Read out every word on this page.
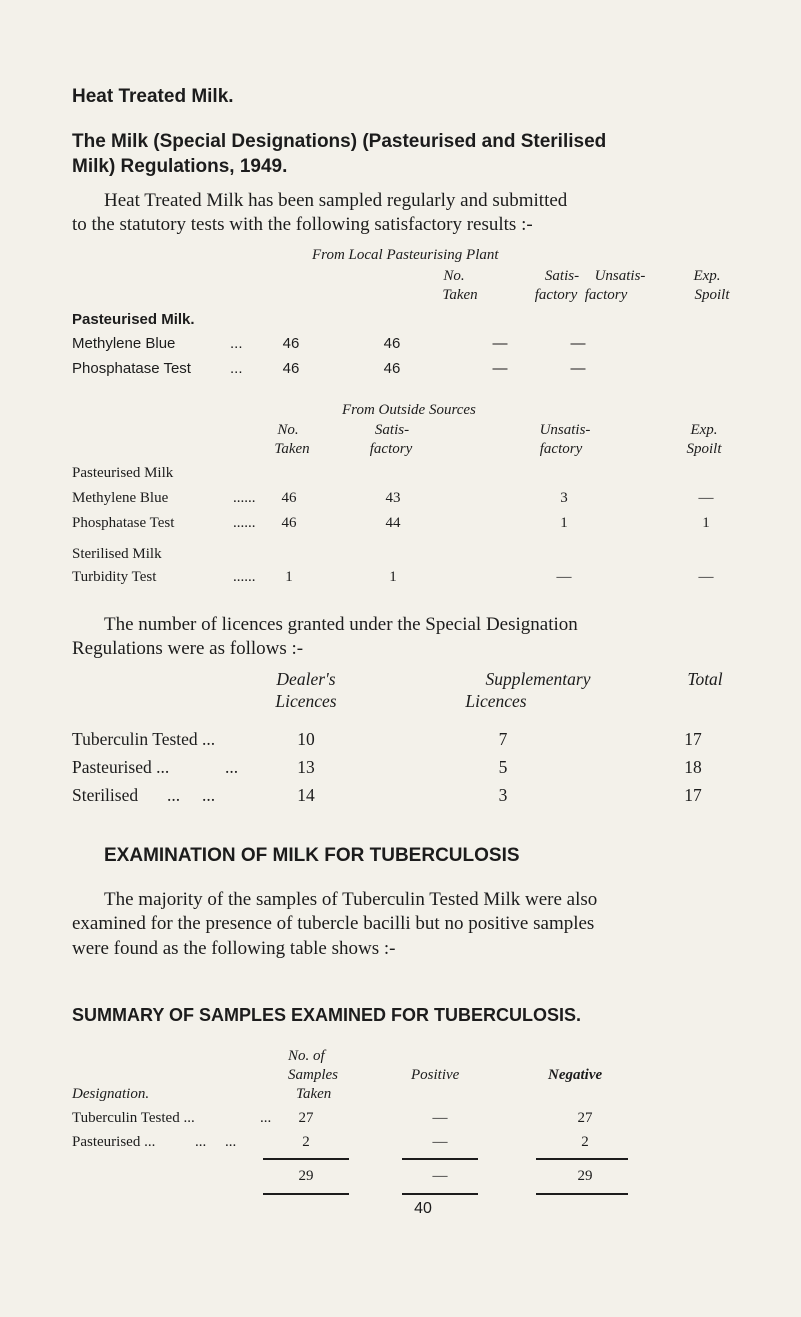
Heat Treated Milk.
The Milk (Special Designations) (Pasteurised and Sterilised
Milk) Regulations, 1949.
Heat Treated Milk has been sampled regularly and submitted
to the statutory tests with the following satisfactory results :-
From Local Pasteurising Plant
No.
Taken
Satis-
factory
Unsatis-
factory
Exp.
Spoilt
Pasteurised Milk.
Methylene Blue	...	46	46	—	—
Phosphatase Test	...	46	46	—	—
From Outside Sources
No.
Taken
Satis-
factory
Unsatis-
factory
Exp.
Spoilt
Pasteurised Milk
Methylene Blue	...... 46	43	3	—
Phosphatase Test	...... 46	44	1	1
Sterilised Milk
Turbidity Test	...... 1	1	—	—
The number of licences granted under the Special Designation
Regulations were as follows :-
Dealer's
Licences
Supplementary
Licences
Total
Tuberculin Tested ...	10	7	17
Pasteurised ...	...	13	5	18
Sterilised ...     ...	14	3	17
EXAMINATION OF MILK FOR TUBERCULOSIS
The majority of the samples of Tuberculin Tested Milk were also
examined for the presence of tubercle bacilli but no positive samples
were found as the following table shows :-
SUMMARY OF SAMPLES EXAMINED FOR TUBERCULOSIS.
No. of
Samples
Taken
Positive	Negative
Designation.
Tuberculin Tested ...	... 27	—	27
Pasteurised ...	...     ...	2	—	2
29	—	29
40
